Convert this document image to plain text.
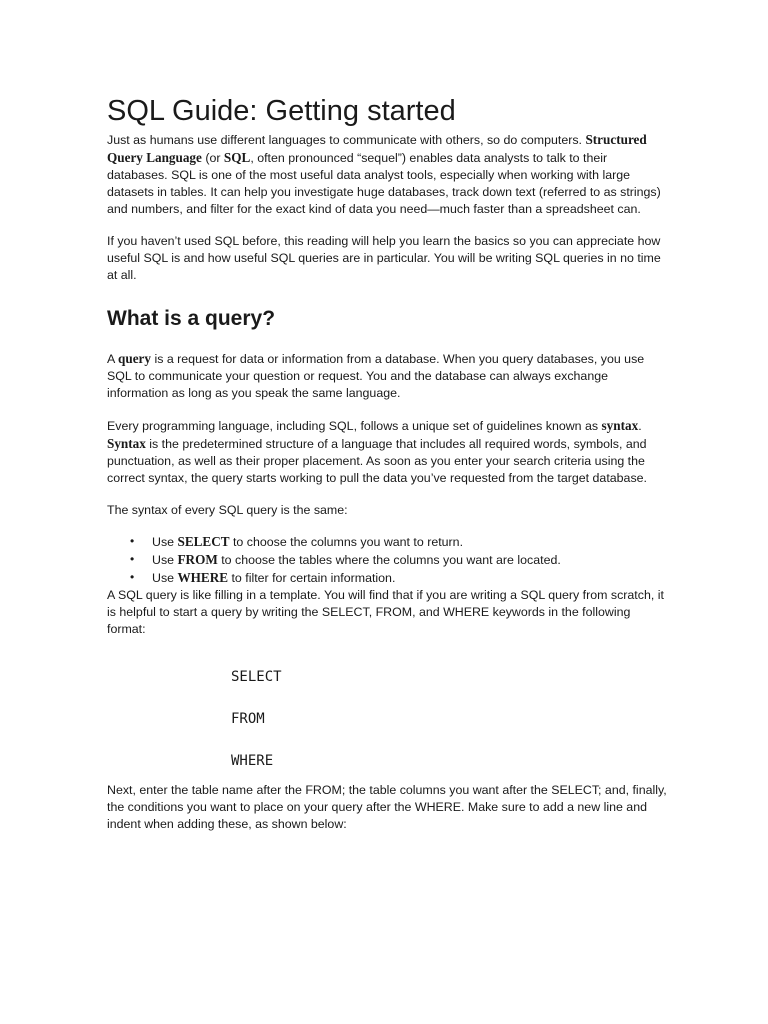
SQL Guide: Getting started

Just as humans use different languages to communicate with others, so do computers. Structured Query Language (or SQL, often pronounced “sequel”) enables data analysts to talk to their databases. SQL is one of the most useful data analyst tools, especially when working with large datasets in tables. It can help you investigate huge databases, track down text (referred to as strings) and numbers, and filter for the exact kind of data you need—much faster than a spreadsheet can.

If you haven’t used SQL before, this reading will help you learn the basics so you can appreciate how useful SQL is and how useful SQL queries are in particular. You will be writing SQL queries in no time at all.

What is a query?

A query is a request for data or information from a database. When you query databases, you use SQL to communicate your question or request. You and the database can always exchange information as long as you speak the same language.

Every programming language, including SQL, follows a unique set of guidelines known as syntax. Syntax is the predetermined structure of a language that includes all required words, symbols, and punctuation, as well as their proper placement. As soon as you enter your search criteria using the correct syntax, the query starts working to pull the data you’ve requested from the target database.

The syntax of every SQL query is the same:

• Use SELECT to choose the columns you want to return.
• Use FROM to choose the tables where the columns you want are located.
• Use WHERE to filter for certain information.

A SQL query is like filling in a template. You will find that if you are writing a SQL query from scratch, it is helpful to start a query by writing the SELECT, FROM, and WHERE keywords in the following format:

SELECT
FROM
WHERE

Next, enter the table name after the FROM; the table columns you want after the SELECT; and, finally, the conditions you want to place on your query after the WHERE. Make sure to add a new line and indent when adding these, as shown below:
